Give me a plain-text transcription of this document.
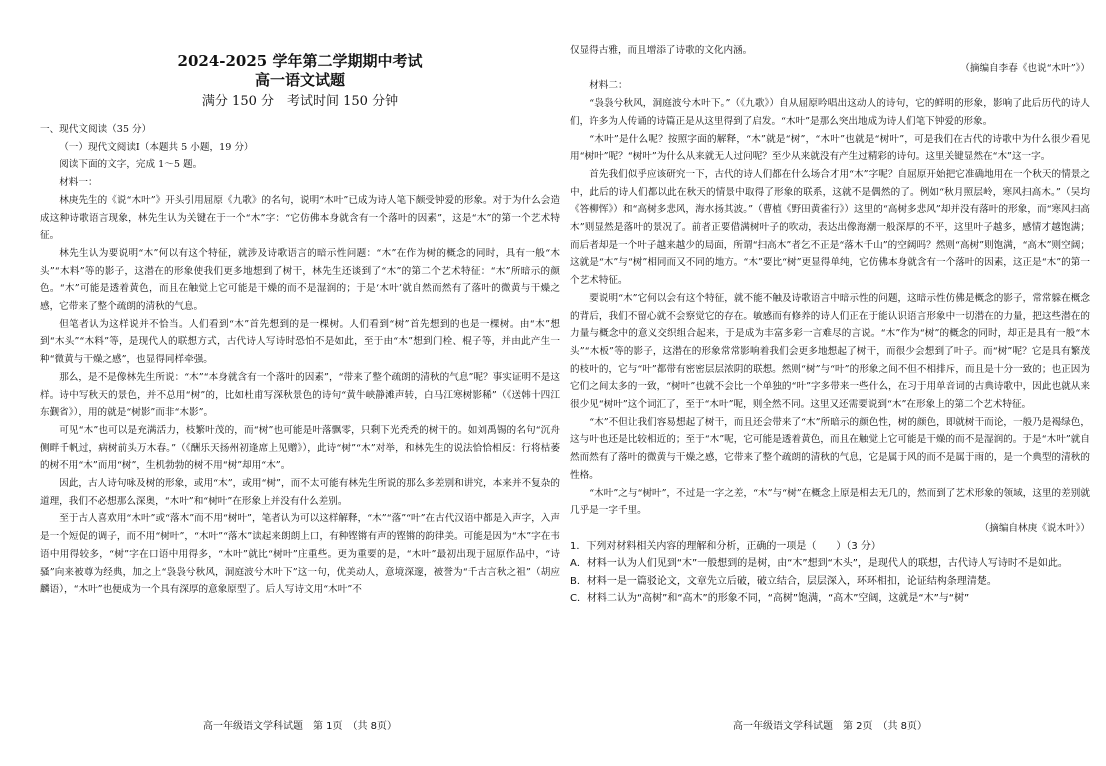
2024-2025 学年第二学期期中考试
高一语文试题
满分 150 分　考试时间 150 分钟

一、现代文阅读（35 分）

（一）现代文阅读Ⅰ（本题共 5 小题，19 分）

阅读下面的文字，完成 1～5 题。

材料一：

林庚先生的《说“木叶”》开头引用屈原《九歌》的名句，说明“木叶”已成为诗人笔下颇受钟爱的形象。对于为什么会造成这种诗歌语言现象，林先生认为关键在于一个“木”字：“它仿佛本身就含有一个落叶的因素”，这是“木”的第一个艺术特征。

林先生认为要说明“木”何以有这个特征，就涉及诗歌语言的暗示性问题：“木”在作为树的概念的同时，具有一般“木头”“木料”等的影子，这潜在的形象使我们更多地想到了树干，林先生还谈到了“木”的第二个艺术特征：“木”所暗示的颜色。“木”可能是透着黄色，而且在触觉上它可能是干燥的而不是湿润的；于是‘木叶’就自然而然有了落叶的微黄与干燥之感，它带来了整个疏朗的清秋的气息。

但笔者认为这样说并不恰当。人们看到“木”首先想到的是一棵树。人们看到“树”首先想到的也是一棵树。由“木”想到“木头”“木料”等，是现代人的联想方式，古代诗人写诗时恐怕不是如此，至于由“木”想到门栓、棍子等，并由此产生一种“微黄与干燥之感”，也显得同样牵强。

那么，是不是像林先生所说：“木”“本身就含有一个落叶的因素”，“带来了整个疏朗的清秋的气息”呢？事实证明不是这样。诗中写秋天的景色，并不总用“树”的，比如杜甫写深秋景色的诗句“黄牛峡静滩声转，白马江寒树影稀”（《送韩十四江东觐省》），用的就是“树影”而非“木影”。

可见“木”也可以是充满活力，枝繁叶茂的，而“树”也可能是叶落飘零，只剩下光秃秃的树干的。如刘禹锡的名句“沉舟侧畔千帆过，病树前头万木春。”（《酬乐天扬州初逢席上见赠》），此诗“树”“木”对举，和林先生的说法恰恰相反：行将枯萎的树不用“木”而用“树”，生机勃勃的树不用“树”却用“木”。

因此，古人诗句咏及树的形象，或用“木”，或用“树”，而不太可能有林先生所说的那么多差别和讲究，本来并不复杂的道理，我们不必想那么深奥，“木叶”和“树叶”在形象上并没有什么差别。

至于古人喜欢用“木叶”或“落木”而不用“树叶”，笔者认为可以这样解释，“木”“落”“叶”在古代汉语中都是入声字，入声是一个短促的调子，而不用“树叶”，“木叶”“落木”读起来朗朗上口，有种铿锵有声的铿锵的韵律美。可能是因为“木”字在韦语中用得较多，“树”字在口语中用得多，“木叶”就比“树叶”庄重些。更为重要的是，“木叶”最初出现于屈原作品中，“诗骚”向来被尊为经典，加之上“袅袅兮秋风，洞庭波兮木叶下”这一句，优美动人，意境深邃，被誉为“千古言秋之祖”（胡应麟语），“木叶”也便成为一个具有深厚的意象原型了。后人写诗文用“木叶”不

高一年级语文学科试题　第 1页　（共 8页）

仅显得古雅，而且增添了诗歌的文化内涵。

（摘编自李春《也说“木叶”》）

材料二：

“袅袅兮秋风，洞庭波兮木叶下。”（《九歌》）自从屈原吟唱出这动人的诗句，它的鲜明的形象，影响了此后历代的诗人们，许多为人传诵的诗篇正是从这里得到了启发。“木叶”是那么突出地成为诗人们笔下钟爱的形象。

“木叶”是什么呢？按照字面的解释，“木”就是“树”，“木叶”也就是“树叶”，可是我们在古代的诗歌中为什么很少看见用“树叶”呢？“树叶”为什么从来就无人过问呢？至少从来就没有产生过精彩的诗句。这里关键显然在“木”这一字。

首先我们似乎应该研究一下，古代的诗人们都在什么场合才用“木”字呢？自屈原开始把它准确地用在一个秋天的情景之中，此后的诗人们都以此在秋天的情景中取得了形象的联系，这就不是偶然的了。例如“秋月照层岭，寒风扫高木。”（吴均《答柳恽》）和“高树多悲风，海水扬其波。”（曹植《野田黄雀行》）这里的“高树多悲风”却并没有落叶的形象，而“寒风扫高木”则显然是落叶的景况了。前者正要借满树叶子的吹动，表达出像海潮一般深厚的不平，这里叶子越多，感情才越饱满；而后者却是一个叶子越来越少的局面，所谓“扫高木”者乞不正是“落木千山”的空阔吗？然则“高树”则饱满，“高木”则空阔；这就是“木”与“树”相同而又不同的地方。“木”要比“树”更显得单纯，它仿佛本身就含有一个落叶的因素，这正是“木”的第一个艺术特征。

要说明“木”它何以会有这个特征，就不能不触及诗歌语言中暗示性的问题，这暗示性仿佛是概念的影子，常常躲在概念的背后，我们不留心就不会察觉它的存在。敏感而有修养的诗人们正在于能认识语言形象中一切潜在的力量，把这些潜在的力量与概念中的意义交织组合起来，于是成为丰富多彩一言难尽的言说。“木”作为“树”的概念的同时，却正是具有一般“木头”“木板”等的影子，这潜在的形象常常影响着我们会更多地想起了树干，而很少会想到了叶子。而“树”呢？它是具有繁茂的枝叶的，它与“叶”都带有密密层层浓阴的联想。然则“树”与“叶”的形象之间不但不相排斥，而且是十分一致的；也正因为它们之间太多的一致，“树叶”也就不会比一个单独的“叶”字多带来一些什么，在习于用单音词的古典诗歌中，因此也就从来很少见“树叶”这个词汇了，至于“木叶”呢，则全然不同。这里又还需要说到“木”在形象上的第二个艺术特征。

“木”不但让我们容易想起了树干，而且还会带来了“木”所暗示的颜色性，树的颜色，即就树干而论，一般乃是褐绿色，这与叶也还是比较相近的；至于“木”呢，它可能是透着黄色，而且在触觉上它可能是干燥的而不是湿润的。于是“木叶”就自然而然有了落叶的微黄与干燥之感，它带来了整个疏朗的清秋的气息，它是属于风的而不是属于雨的，是一个典型的清秋的性格。

“木叶”之与“树叶”，不过是一字之差，“木”与“树”在概念上原是相去无几的，然而到了艺术形象的领域，这里的差别就几乎是一字千里。

（摘编自林庚《说木叶》）

1．下列对材料相关内容的理解和分析，正确的一项是（　　）（3 分）

A．材料一认为人们见到“木”一般想到的是树，由“木”想到“木头”，是现代人的联想，古代诗人写诗时不是如此。

B．材料一是一篇驳论文，文章先立后破，破立结合，层层深入，环环相扣，论证结构条理清楚。

C．材料二认为“高树”和“高木”的形象不同，“高树”饱满，“高木”空阔，这就是“木”与“树”

高一年级语文学科试题　第 2页　（共 8页）
